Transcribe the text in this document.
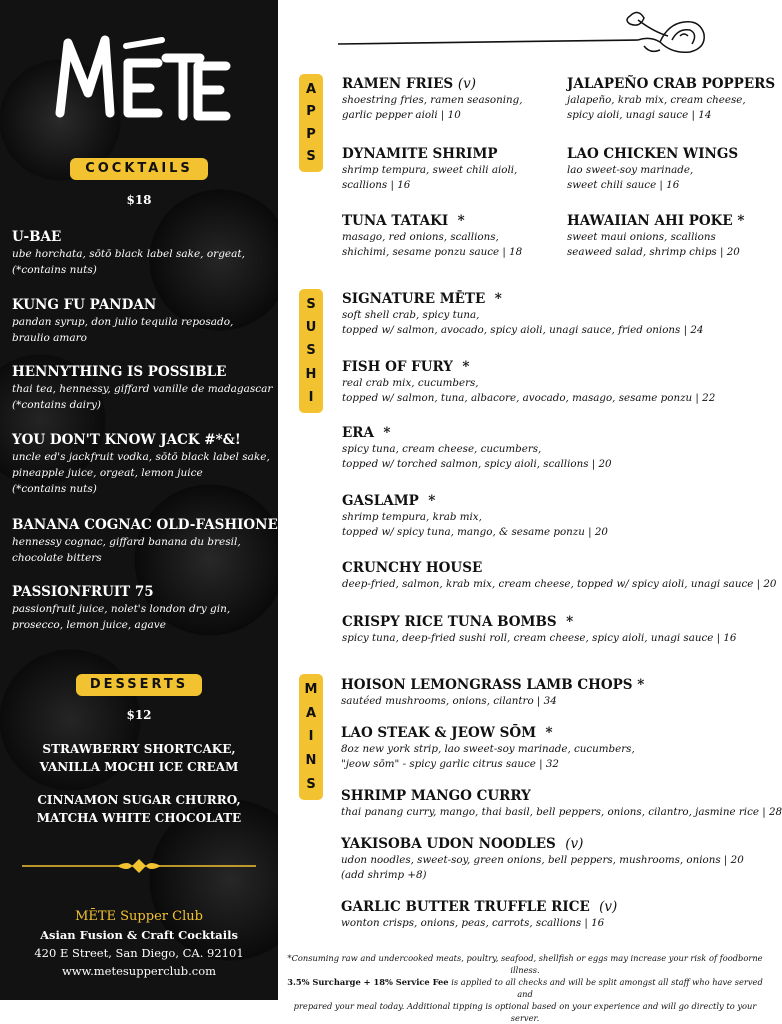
MĒTE
COCKTAILS
$18
U-BAE
ube horchata, sōtō black label sake, orgeat,
(*contains nuts)
KUNG FU PANDAN
pandan syrup, don julio tequila reposado,
braulio amaro
HENNYTHING IS POSSIBLE
thai tea, hennessy, giffard vanille de madagascar
(*contains dairy)
YOU DON'T KNOW JACK #*&!
uncle ed's jackfruit vodka, sōtō black label sake,
pineapple juice, orgeat, lemon juice
(*contains nuts)
BANANA COGNAC OLD-FASHIONED
hennessy cognac, giffard banana du bresil,
chocolate bitters
PASSIONFRUIT 75
passionfruit juice, nolet's london dry gin,
prosecco, lemon juice, agave
DESSERTS
$12
STRAWBERRY SHORTCAKE,
VANILLA MOCHI ICE CREAM
CINNAMON SUGAR CHURRO,
MATCHA WHITE CHOCOLATE
MĒTE Supper Club
Asian Fusion & Craft Cocktails
420 E Street, San Diego, CA. 92101
www.metesupperclub.com
A
P
P
S
S
U
S
H
I
M
A
I
N
S
RAMEN FRIES (v)
shoestring fries, ramen seasoning,
garlic pepper aioli | 10
JALAPEÑO CRAB POPPERS
jalapeño, krab mix, cream cheese,
spicy aioli, unagi sauce | 14
DYNAMITE SHRIMP
shrimp tempura, sweet chili aioli,
scallions | 16
LAO CHICKEN WINGS
lao sweet-soy marinade,
sweet chili sauce | 16
TUNA TATAKI *
masago, red onions, scallions,
shichimi, sesame ponzu sauce | 18
HAWAIIAN AHI POKE *
sweet maui onions, scallions
seaweed salad, shrimp chips | 20
SIGNATURE MĒTE *
soft shell crab, spicy tuna,
topped w/ salmon, avocado, spicy aioli, unagi sauce, fried onions | 24
FISH OF FURY *
real crab mix, cucumbers,
topped w/ salmon, tuna, albacore, avocado, masago, sesame ponzu | 22
ERA *
spicy tuna, cream cheese, cucumbers,
topped w/ torched salmon, spicy aioli, scallions | 20
GASLAMP *
shrimp tempura, krab mix,
topped w/ spicy tuna, mango, & sesame ponzu | 20
CRUNCHY HOUSE
deep-fried, salmon, krab mix, cream cheese, topped w/ spicy aioli, unagi sauce | 20
CRISPY RICE TUNA BOMBS *
spicy tuna, deep-fried sushi roll, cream cheese, spicy aioli, unagi sauce | 16
HOISON LEMONGRASS LAMB CHOPS *
sautéed mushrooms, onions, cilantro | 34
LAO STEAK & JEOW SŌM *
8oz new york strip, lao sweet-soy marinade, cucumbers,
"jeow sōm" - spicy garlic citrus sauce | 32
SHRIMP MANGO CURRY
thai panang curry, mango, thai basil, bell peppers, onions, cilantro, jasmine rice | 28
YAKISOBA UDON NOODLES (v)
udon noodles, sweet-soy, green onions, bell peppers, mushrooms, onions | 20
(add shrimp +8)
GARLIC BUTTER TRUFFLE RICE (v)
wonton crisps, onions, peas, carrots, scallions | 16
*Consuming raw and undercooked meats, poultry, seafood, shellfish or eggs may increase your risk of foodborne illness.
3.5% Surcharge + 18% Service Fee is applied to all checks and will be split amongst all staff who have served and
prepared your meal today. Additional tipping is optional based on your experience and will go directly to your server.
